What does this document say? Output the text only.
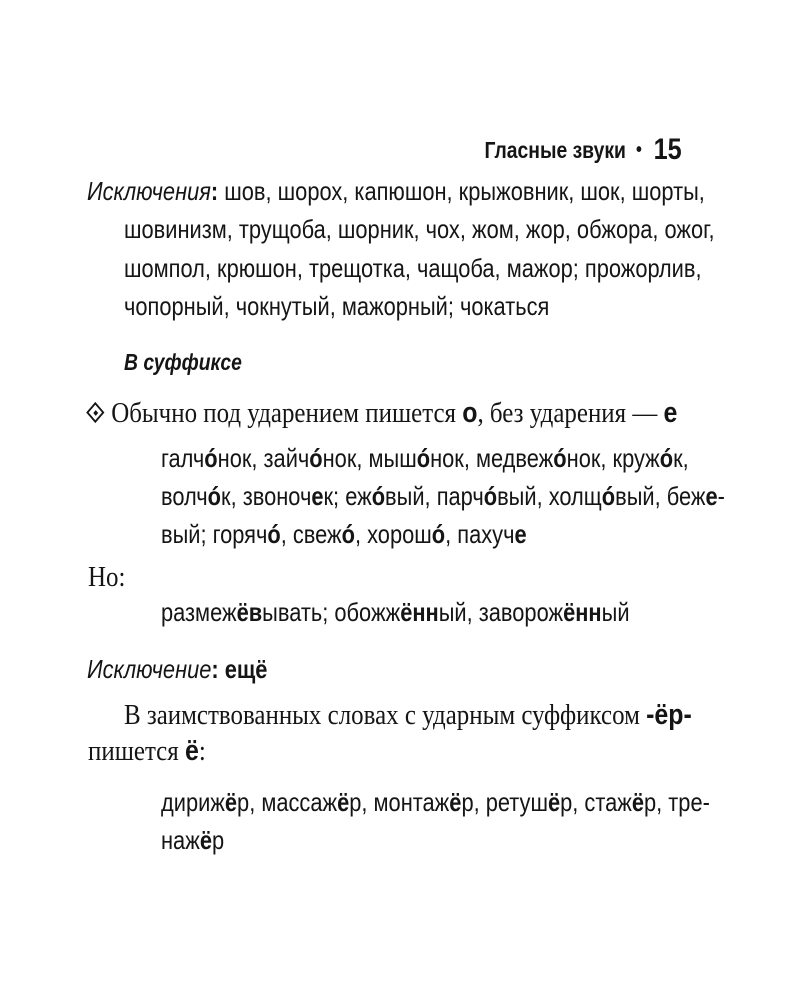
Гласные звуки • 15
Исключения: шов, шорох, капюшон, крыжовник, шок, шорты,
шовинизм, трущоба, шорник, чох, жом, жор, обжора, ожог,
шомпол, крюшон, трещотка, чащоба, мажор; прожорлив,
чопорный, чокнутый, мажорный; чокаться
В суффиксе
Обычно под ударением пишется о, без ударения — е
галчóнок, зайчóнок, мышóнок, медвежóнок, кружóк,
волчóк, звоночек; ежóвый, парчóвый, холщóвый, беже-
вый; горячó, свежó, хорошó, пахуче
Но:
размежёвывать; обожжённый, заворожённый
Исключение: ещё
В заимствованных словах с ударным суффиксом -ёр-
пишется ё:
дирижёр, массажёр, монтажёр, ретушёр, стажёр, тре-
нажёр
